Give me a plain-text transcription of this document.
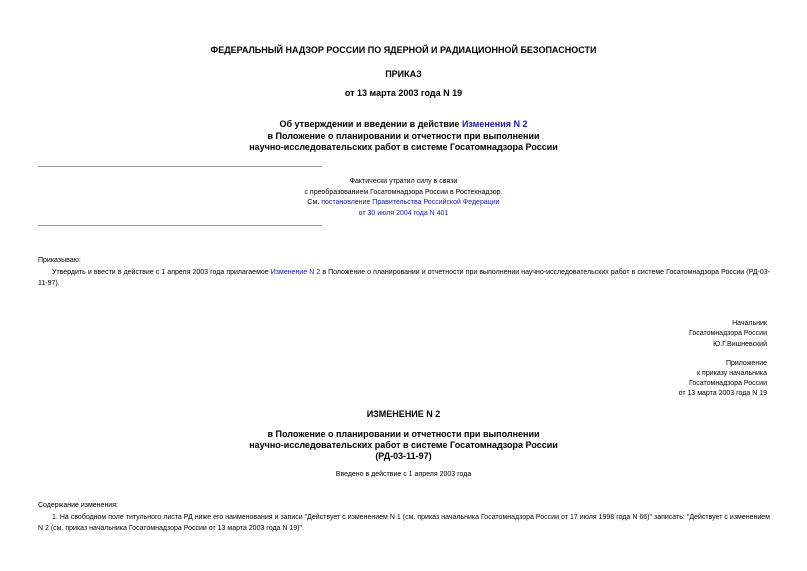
ФЕДЕРАЛЬНЫЙ НАДЗОР РОССИИ ПО ЯДЕРНОЙ И РАДИАЦИОННОЙ БЕЗОПАСНОСТИ
ПРИКАЗ
от 13 марта 2003 года N 19
Об утверждении и введении в действие Изменения N 2
в Положение о планировании и отчетности при выполнении
научно-исследовательских работ в системе Госатомнадзора России
Фактически утратил силу в связи
с преобразованием Госатомнадзора России в Ростехнадзор.
См. постановление Правительства Российской Федерации
от 30 июля 2004 года N 401
Приказываю:
Утвердить и ввести в действие с 1 апреля 2003 года прилагаемое Изменение N 2 в Положение о планировании и отчетности при выполнении научно-исследовательских работ в системе Госатомнадзора России (РД-03-11-97).
Начальник
Госатомнадзора России
Ю.Г.Вишневский
Приложение
к приказу начальника
Госатомнадзора России
от 13 марта 2003 года N 19
ИЗМЕНЕНИЕ N 2
в Положение о планировании и отчетности при выполнении
научно-исследовательских работ в системе Госатомнадзора России
(РД-03-11-97)
Введено в действие с 1 апреля 2003 года
Содержание изменения:
1. На свободном поле титульного листа РД ниже его наименования и записи "Действует с изменением N 1 (см. приказ начальника Госатомнадзора России от 17 июля 1998 года N 66)" записать: "Действует с изменением N 2 (см. приказ начальника Госатомнадзора России от 13 марта 2003 года N 19)".
